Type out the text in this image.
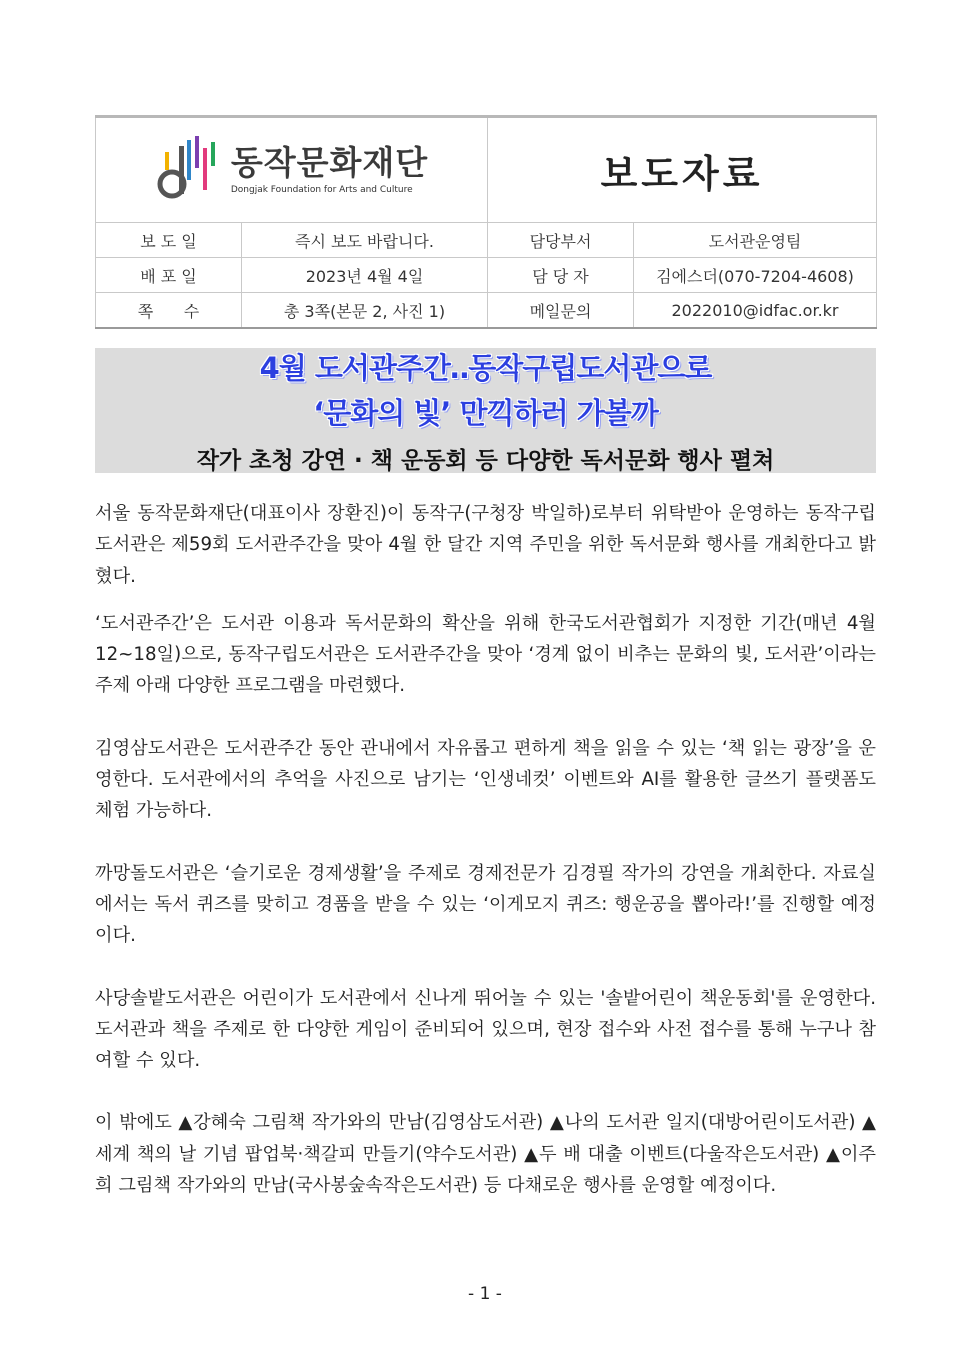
동작문화재단
Dongjak Foundation for Arts and Culture		보도자료	
보 도 일	즉시 보도 바랍니다.	담당부서	도서관운영팀
배 포 일	2023년 4월 4일	담 당 자	김에스더(070-7204-4608)
쪽      수	총 3쪽(본문 2, 사진 1)	메일문의	2022010@idfac.or.kr
4월 도서관주간‥동작구립도서관으로
‘문화의 빛’ 만끽하러 가볼까
작가 초청 강연 · 책 운동회 등 다양한 독서문화 행사 펼쳐

서울 동작문화재단(대표이사 장환진)이 동작구(구청장 박일하)로부터 위탁받아 운영하는 동작구립도서관은 제59회 도서관주간을 맞아 4월 한 달간 지역 주민을 위한 독서문화 행사를 개최한다고 밝혔다.

‘도서관주간’은 도서관 이용과 독서문화의 확산을 위해 한국도서관협회가 지정한 기간(매년 4월 12~18일)으로, 동작구립도서관은 도서관주간을 맞아 ‘경계 없이 비추는 문화의 빛, 도서관’이라는 주제 아래 다양한 프로그램을 마련했다.

김영삼도서관은 도서관주간 동안 관내에서 자유롭고 편하게 책을 읽을 수 있는 ‘책 읽는 광장’을 운영한다. 도서관에서의 추억을 사진으로 남기는 ‘인생네컷’ 이벤트와 AI를 활용한 글쓰기 플랫폼도 체험 가능하다.

까망돌도서관은 ‘슬기로운 경제생활’을 주제로 경제전문가 김경필 작가의 강연을 개최한다. 자료실에서는 독서 퀴즈를 맞히고 경품을 받을 수 있는 ‘이게모지 퀴즈: 행운공을 뽑아라!’를 진행할 예정이다.

사당솔밭도서관은 어린이가 도서관에서 신나게 뛰어놀 수 있는 '솔밭어린이 책운동회'를 운영한다. 도서관과 책을 주제로 한 다양한 게임이 준비되어 있으며, 현장 접수와 사전 접수를 통해 누구나 참여할 수 있다.

이 밖에도 ▲강혜숙 그림책 작가와의 만남(김영삼도서관) ▲나의 도서관 일지(대방어린이도서관) ▲세계 책의 날 기념 팝업북·책갈피 만들기(약수도서관) ▲두 배 대출 이벤트(다울작은도서관) ▲이주희 그림책 작가와의 만남(국사봉숲속작은도서관) 등 다채로운 행사를 운영할 예정이다.

- 1 -
